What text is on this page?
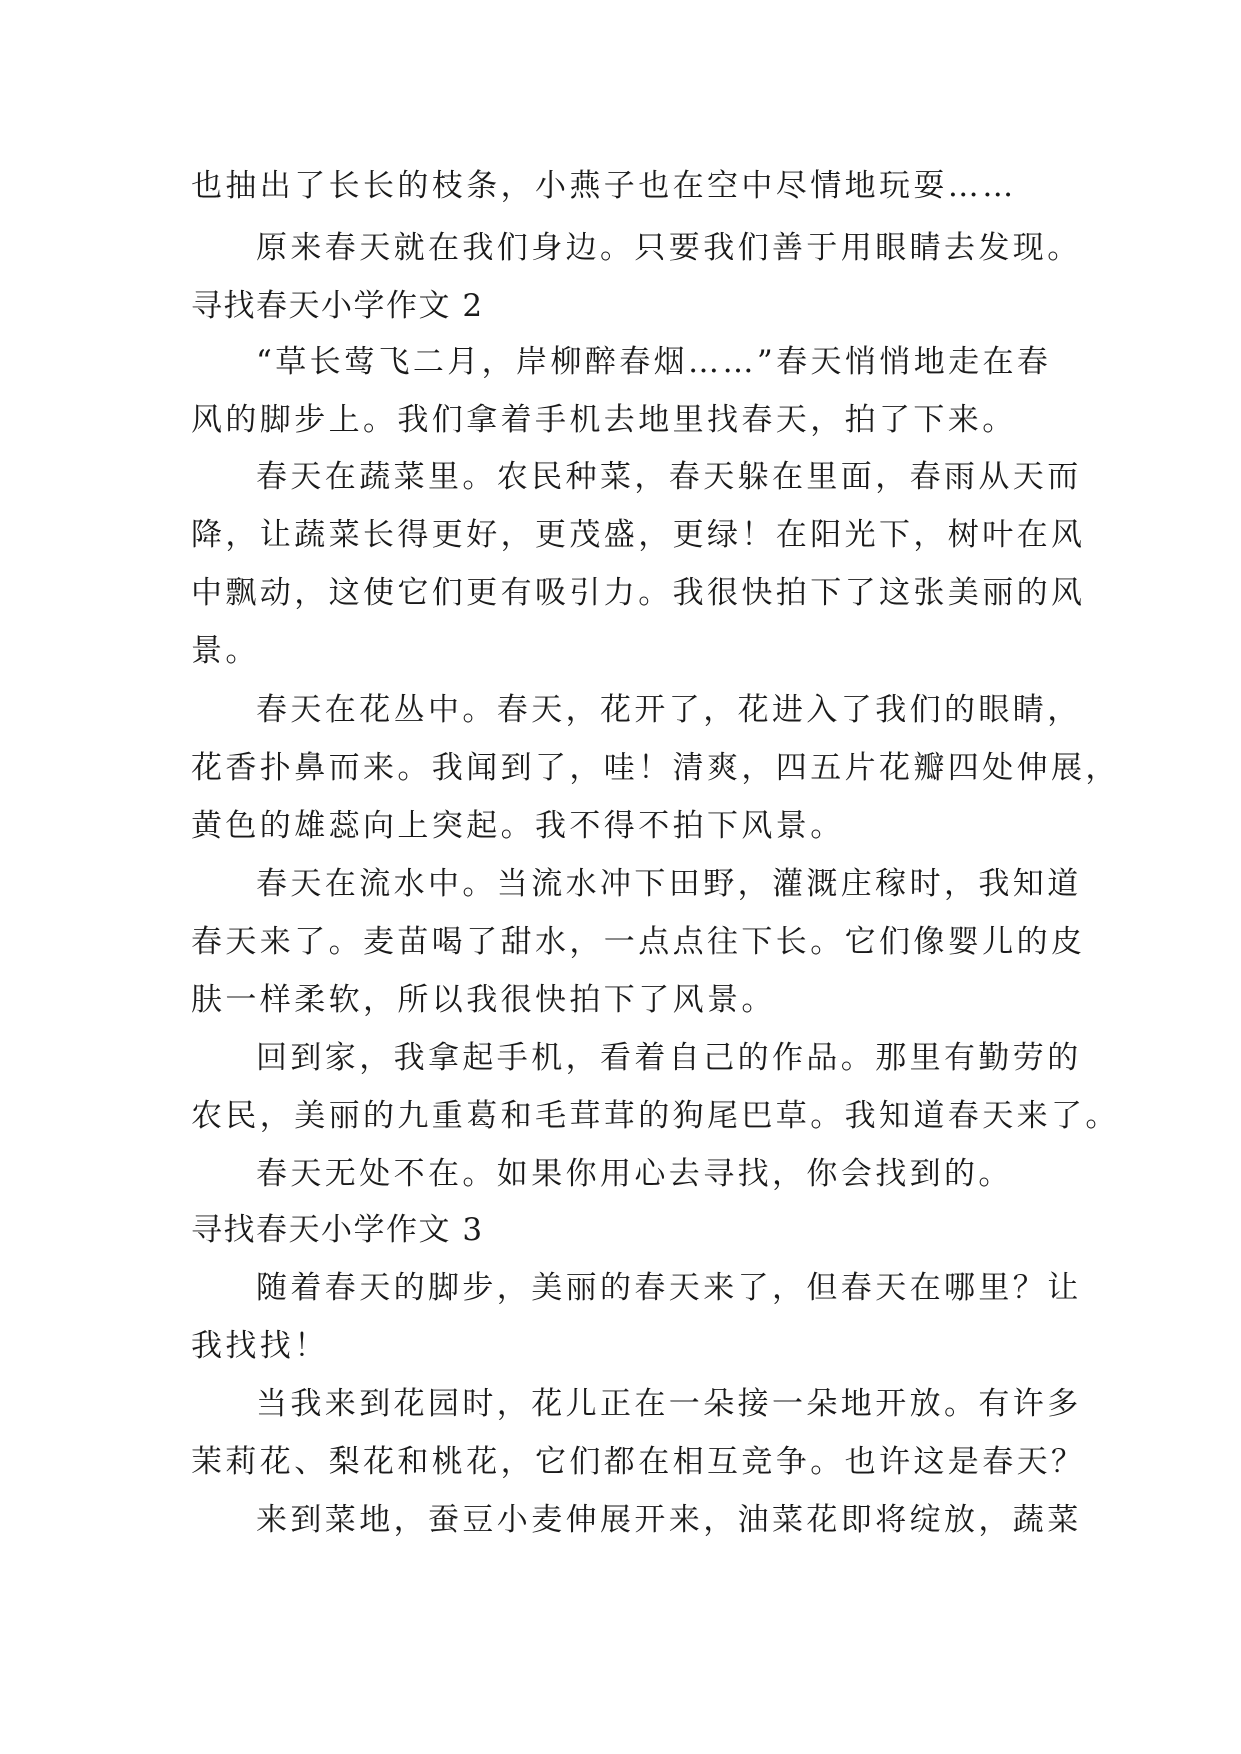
也抽出了长长的枝条，小燕子也在空中尽情地玩耍……
原来春天就在我们身边。只要我们善于用眼睛去发现。
寻找春天小学作文 2
“草长莺飞二月，岸柳醉春烟……”春天悄悄地走在春
风的脚步上。我们拿着手机去地里找春天，拍了下来。
春天在蔬菜里。农民种菜，春天躲在里面，春雨从天而
降，让蔬菜长得更好，更茂盛，更绿！在阳光下，树叶在风
中飘动，这使它们更有吸引力。我很快拍下了这张美丽的风
景。
春天在花丛中。春天，花开了，花进入了我们的眼睛，
花香扑鼻而来。我闻到了，哇！清爽，四五片花瓣四处伸展，
黄色的雄蕊向上突起。我不得不拍下风景。
春天在流水中。当流水冲下田野，灌溉庄稼时，我知道
春天来了。麦苗喝了甜水，一点点往下长。它们像婴儿的皮
肤一样柔软，所以我很快拍下了风景。
回到家，我拿起手机，看着自己的作品。那里有勤劳的
农民，美丽的九重葛和毛茸茸的狗尾巴草。我知道春天来了。
春天无处不在。如果你用心去寻找，你会找到的。
寻找春天小学作文 3
随着春天的脚步，美丽的春天来了，但春天在哪里？让
我找找！
当我来到花园时，花儿正在一朵接一朵地开放。有许多
茉莉花、梨花和桃花，它们都在相互竞争。也许这是春天？
来到菜地，蚕豆小麦伸展开来，油菜花即将绽放，蔬菜
